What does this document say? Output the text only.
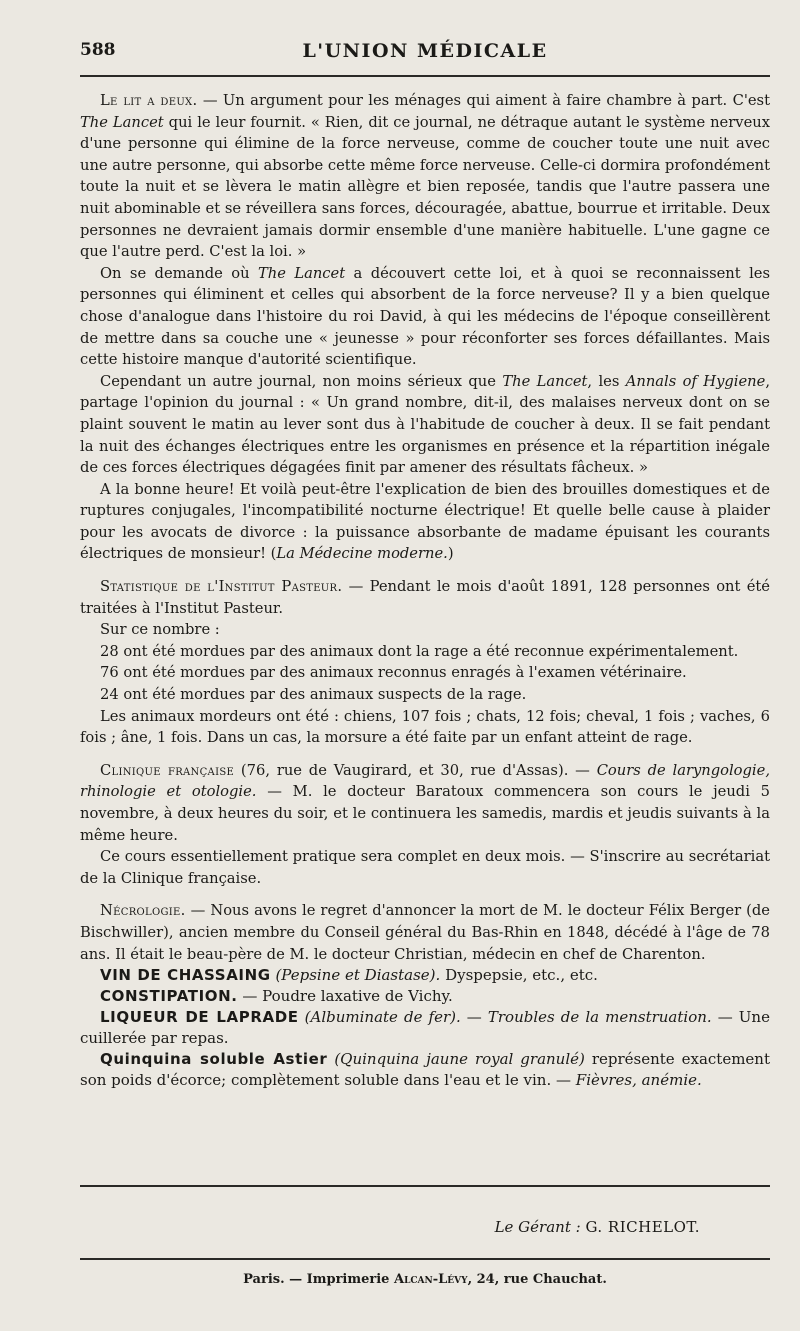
588	L'UNION MÉDICALE

Le lit a deux. — Un argument pour les ménages qui aiment à faire chambre à part. C'est The Lancet qui le leur fournit. « Rien, dit ce journal, ne détraque autant le système nerveux d'une personne qui élimine de la force nerveuse, comme de coucher toute une nuit avec une autre personne, qui absorbe cette même force nerveuse. Celle-ci dormira profondément toute la nuit et se lèvera le matin allègre et bien reposée, tandis que l'autre passera une nuit abominable et se réveillera sans forces, découragée, abattue, bourrue et irritable. Deux personnes ne devraient jamais dormir ensemble d'une manière habituelle. L'une gagne ce que l'autre perd. C'est la loi. »

On se demande où The Lancet a découvert cette loi, et à quoi se reconnaissent les personnes qui éliminent et celles qui absorbent de la force nerveuse? Il y a bien quelque chose d'analogue dans l'histoire du roi David, à qui les médecins de l'époque conseillèrent de mettre dans sa couche une « jeunesse » pour réconforter ses forces défaillantes. Mais cette histoire manque d'autorité scientifique.

Cependant un autre journal, non moins sérieux que The Lancet, les Annals of Hygiene, partage l'opinion du journal : « Un grand nombre, dit-il, des malaises nerveux dont on se plaint souvent le matin au lever sont dus à l'habitude de coucher à deux. Il se fait pendant la nuit des échanges électriques entre les organismes en présence et la répartition inégale de ces forces électriques dégagées finit par amener des résultats fâcheux. »

A la bonne heure! Et voilà peut-être l'explication de bien des brouilles domestiques et de ruptures conjugales, l'incompatibilité nocturne électrique! Et quelle belle cause à plaider pour les avocats de divorce : la puissance absorbante de madame épuisant les courants électriques de monsieur! (La Médecine moderne.)

Statistique de l'Institut Pasteur. — Pendant le mois d'août 1891, 128 personnes ont été traitées à l'Institut Pasteur.

Sur ce nombre :

28 ont été mordues par des animaux dont la rage a été reconnue expérimentalement.

76 ont été mordues par des animaux reconnus enragés à l'examen vétérinaire.

24 ont été mordues par des animaux suspects de la rage.

Les animaux mordeurs ont été : chiens, 107 fois ; chats, 12 fois; cheval, 1 fois ; vaches, 6 fois ; âne, 1 fois. Dans un cas, la morsure a été faite par un enfant atteint de rage.

Clinique française (76, rue de Vaugirard, et 30, rue d'Assas). — Cours de laryngologie, rhinologie et otologie. — M. le docteur Baratoux commencera son cours le jeudi 5 novembre, à deux heures du soir, et le continuera les samedis, mardis et jeudis suivants à la même heure.

Ce cours essentiellement pratique sera complet en deux mois. — S'inscrire au secrétariat de la Clinique française.

Nécrologie. — Nous avons le regret d'annoncer la mort de M. le docteur Félix Berger (de Bischwiller), ancien membre du Conseil général du Bas-Rhin en 1848, décédé à l'âge de 78 ans. Il était le beau-père de M. le docteur Christian, médecin en chef de Charenton.

VIN DE CHASSAING (Pepsine et Diastase). Dyspepsie, etc., etc.

CONSTIPATION. — Poudre laxative de Vichy.

LIQUEUR DE LAPRADE (Albuminate de fer). — Troubles de la menstruation. — Une cuillerée par repas.

Quinquina soluble Astier (Quinquina jaune royal granulé) représente exactement son poids d'écorce; complètement soluble dans l'eau et le vin. — Fièvres, anémie.

Le Gérant : G. RICHELOT.
Paris. — Imprimerie Alcan-Lévy, 24, rue Chauchat.
